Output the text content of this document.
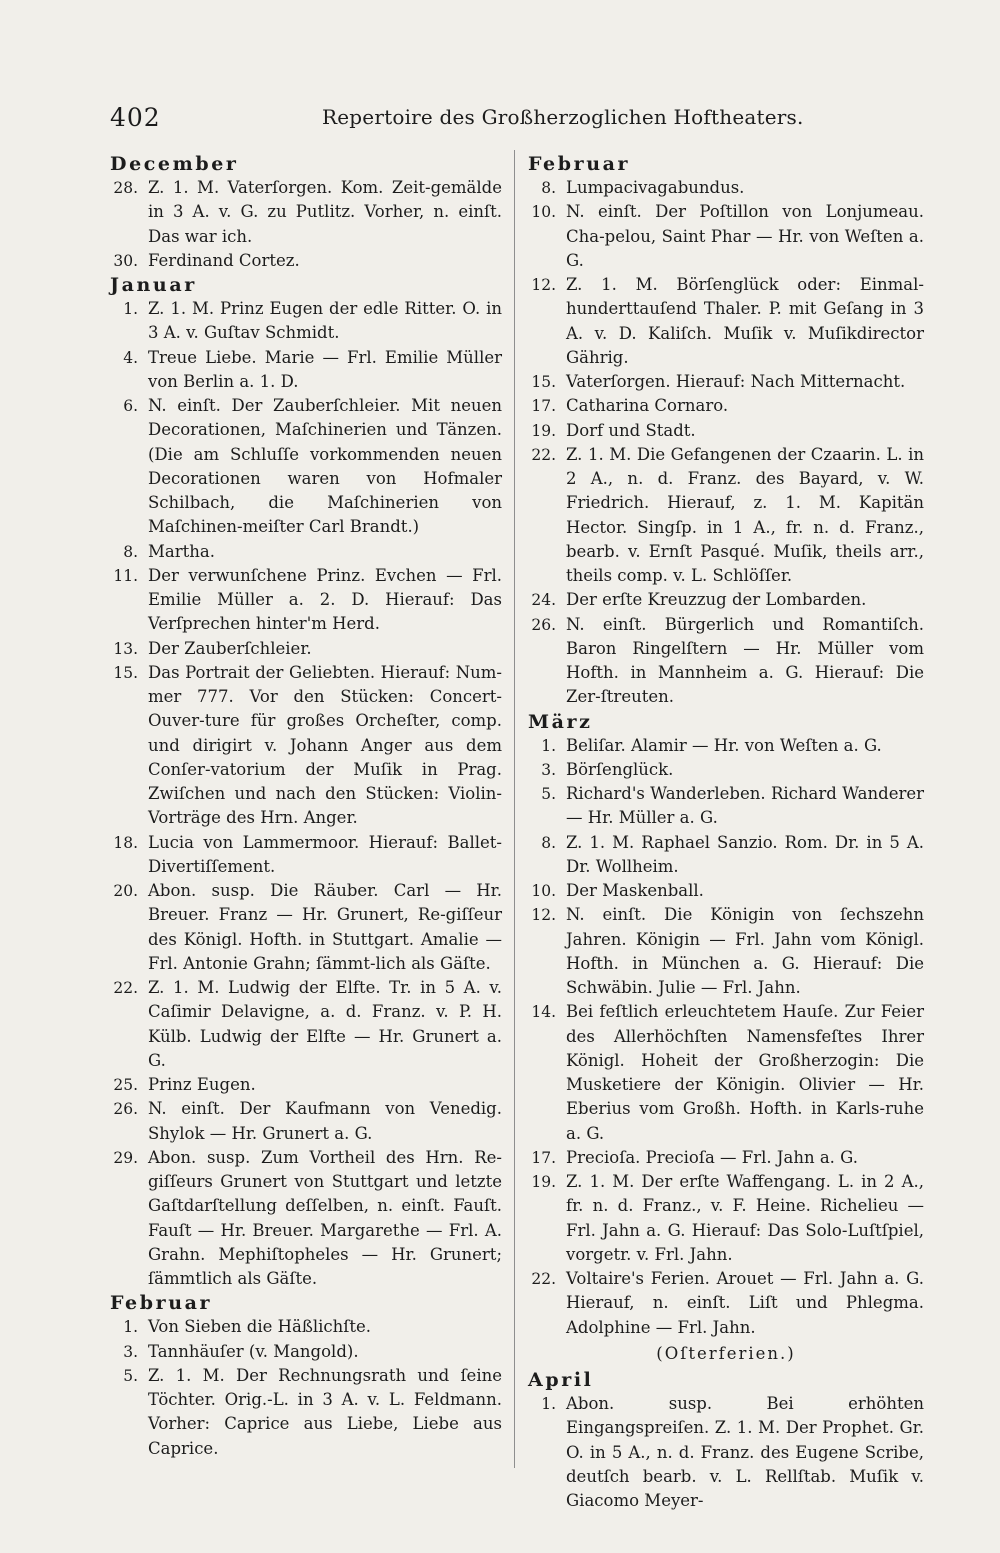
402	Repertoire des Großherzoglichen Hoftheaters.
December
28. Z. 1. M. Vaterſorgen. Kom. Zeit-gemälde in 3 A. v. G. zu Putlitz. Vorher, n. einſt. Das war ich.
30. Ferdinand Cortez.
Januar
1. Z. 1. M. Prinz Eugen der edle Ritter. O. in 3 A. v. Guſtav Schmidt.
4. Treue Liebe. Marie — Frl. Emilie Müller von Berlin a. 1. D.
6. N. einſt. Der Zauberſchleier. Mit neuen Decorationen, Maſchinerien und Tänzen. (Die am Schluſſe vorkommenden neuen Decorationen waren von Hofmaler Schilbach, die Maſchinerien von Maſchinen-meiſter Carl Brandt.)
8. Martha.
11. Der verwunſchene Prinz. Evchen — Frl. Emilie Müller a. 2. D. Hierauf: Das Verſprechen hinter'm Herd.
13. Der Zauberſchleier.
15. Das Portrait der Geliebten. Hierauf: Num-mer 777. Vor den Stücken: Concert-Ouver-ture für großes Orcheſter, comp. und dirigirt v. Johann Anger aus dem Conſer-vatorium der Muſik in Prag. Zwiſchen und nach den Stücken: Violin-Vorträge des Hrn. Anger.
18. Lucia von Lammermoor. Hierauf: Ballet-Divertiſſement.
20. Abon. susp. Die Räuber. Carl — Hr. Breuer. Franz — Hr. Grunert, Re-giſſeur des Königl. Hofth. in Stuttgart. Amalie — Frl. Antonie Grahn; ſämmt-lich als Gäſte.
22. Z. 1. M. Ludwig der Elfte. Tr. in 5 A. v. Caſimir Delavigne, a. d. Franz. v. P. H. Külb. Ludwig der Elfte — Hr. Grunert a. G.
25. Prinz Eugen.
26. N. einſt. Der Kaufmann von Venedig. Shylok — Hr. Grunert a. G.
29. Abon. susp. Zum Vortheil des Hrn. Re-giſſeurs Grunert von Stuttgart und letzte Gaſtdarſtellung deſſelben, n. einſt. Fauſt. Fauſt — Hr. Breuer. Margarethe — Frl. A. Grahn. Mephiſtopheles — Hr. Grunert; ſämmtlich als Gäſte.
Februar
1. Von Sieben die Häßlichſte.
3. Tannhäuſer (v. Mangold).
5. Z. 1. M. Der Rechnungsrath und ſeine Töchter. Orig.-L. in 3 A. v. L. Feldmann. Vorher: Caprice aus Liebe, Liebe aus Caprice.
Februar
8. Lumpacivagabundus.
10. N. einſt. Der Poſtillon von Lonjumeau. Cha-pelou, Saint Phar — Hr. von Weſten a. G.
12. Z. 1. M. Börſenglück oder: Einmal-hunderttauſend Thaler. P. mit Geſang in 3 A. v. D. Kaliſch. Muſik v. Muſikdirector Gährig.
15. Vaterſorgen. Hierauf: Nach Mitternacht.
17. Catharina Cornaro.
19. Dorf und Stadt.
22. Z. 1. M. Die Gefangenen der Czaarin. L. in 2 A., n. d. Franz. des Bayard, v. W. Friedrich. Hierauf, z. 1. M. Kapitän Hector. Singſp. in 1 A., fr. n. d. Franz., bearb. v. Ernſt Pasqué. Muſik, theils arr., theils comp. v. L. Schlöſſer.
24. Der erſte Kreuzzug der Lombarden.
26. N. einſt. Bürgerlich und Romantiſch. Baron Ringelſtern — Hr. Müller vom Hofth. in Mannheim a. G. Hierauf: Die Zer-ſtreuten.
März
1. Beliſar. Alamir — Hr. von Weſten a. G.
3. Börſenglück.
5. Richard's Wanderleben. Richard Wanderer — Hr. Müller a. G.
8. Z. 1. M. Raphael Sanzio. Rom. Dr. in 5 A. Dr. Wollheim.
10. Der Maskenball.
12. N. einſt. Die Königin von ſechszehn Jahren. Königin — Frl. Jahn vom Königl. Hofth. in München a. G. Hierauf: Die Schwäbin. Julie — Frl. Jahn.
14. Bei feſtlich erleuchtetem Hauſe. Zur Feier des Allerhöchſten Namensfeſtes Ihrer Königl. Hoheit der Großherzogin: Die Musketiere der Königin. Olivier — Hr. Eberius vom Großh. Hofth. in Karls-ruhe a. G.
17. Precioſa. Precioſa — Frl. Jahn a. G.
19. Z. 1. M. Der erſte Waffengang. L. in 2 A., fr. n. d. Franz., v. F. Heine. Richelieu — Frl. Jahn a. G. Hierauf: Das Solo-Luſtſpiel, vorgetr. v. Frl. Jahn.
22. Voltaire's Ferien. Arouet — Frl. Jahn a. G. Hierauf, n. einſt. Liſt und Phlegma. Adolphine — Frl. Jahn.
(Oſterferien.)
April
1. Abon. susp. Bei erhöhten Eingangspreiſen. Z. 1. M. Der Prophet. Gr. O. in 5 A., n. d. Franz. des Eugene Scribe, deutſch bearb. v. L. Rellſtab. Muſik v. Giacomo Meyer-
